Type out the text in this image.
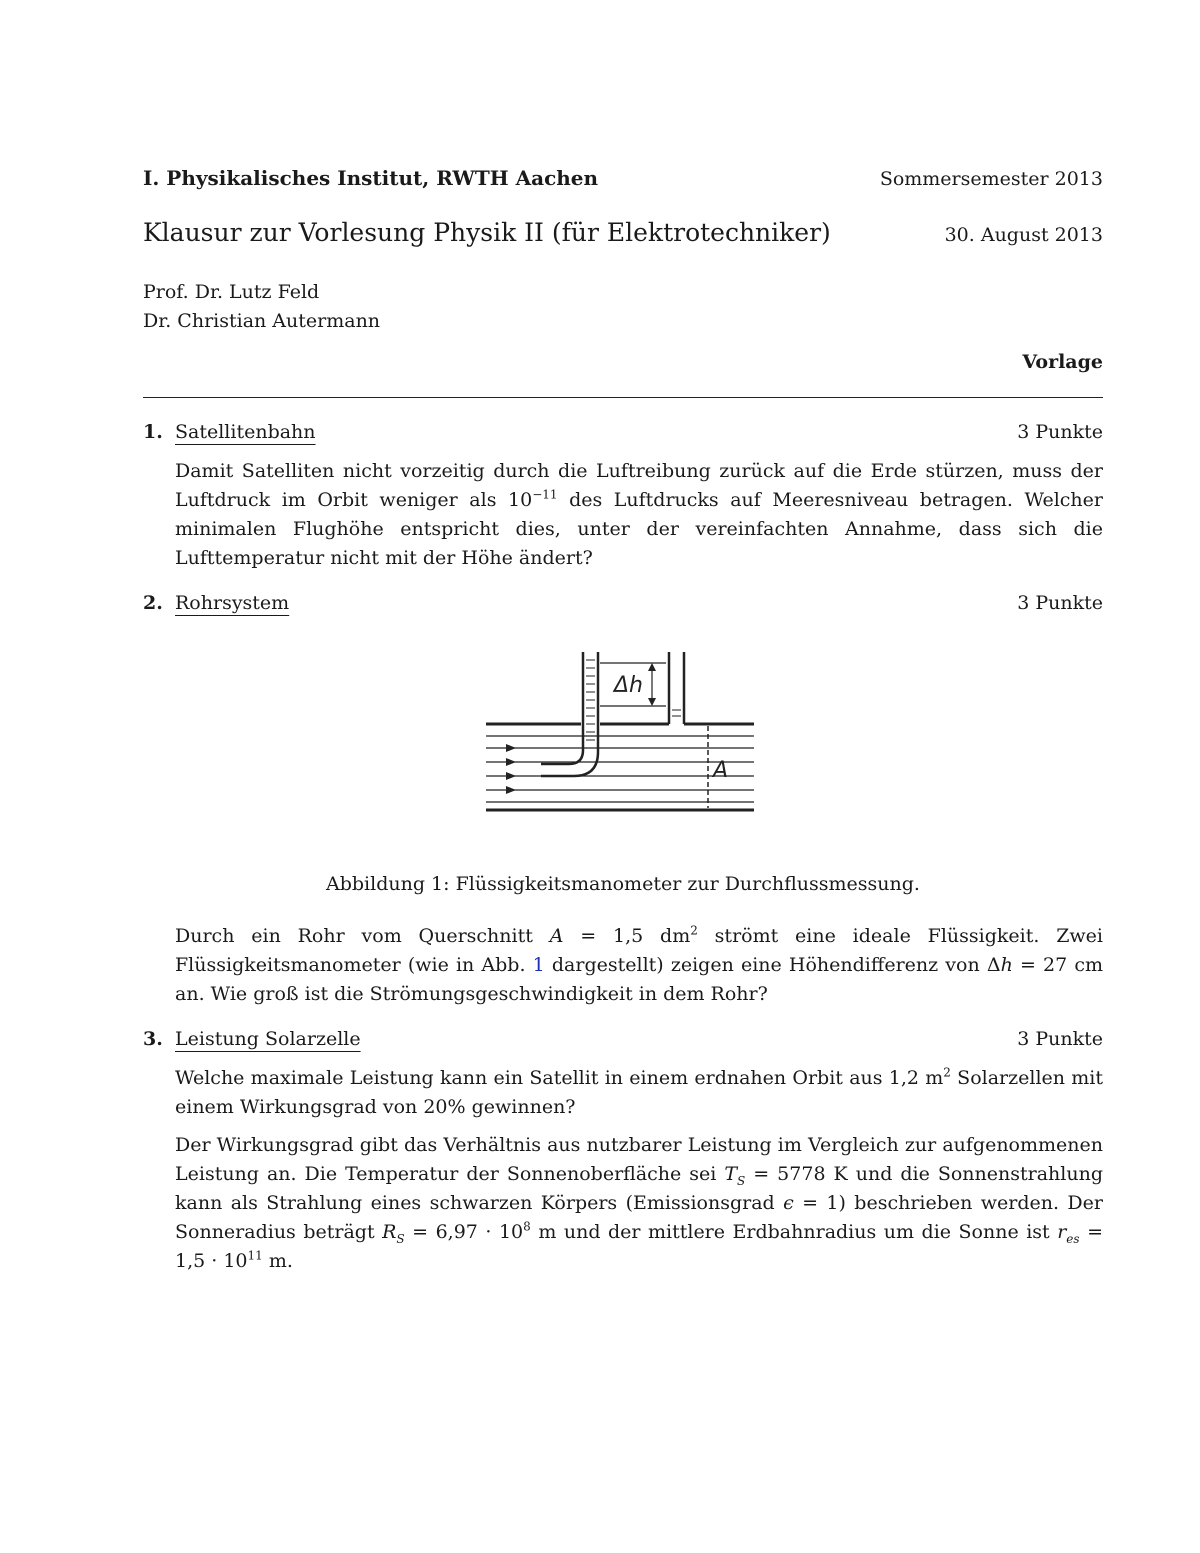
I. Physikalisches Institut, RWTH Aachen	Sommersemester 2013
Klausur zur Vorlesung Physik II (für Elektrotechniker)	30. August 2013
Prof. Dr. Lutz Feld
Dr. Christian Autermann
Vorlage
1. Satellitenbahn	3 Punkte
Damit Satelliten nicht vorzeitig durch die Luftreibung zurück auf die Erde stürzen, muss der Luftdruck im Orbit weniger als $10^{-11}$ des Luftdrucks auf Meeresniveau betragen. Welcher minimalen Flughöhe entspricht dies, unter der vereinfachten Annahme, dass sich die Lufttemperatur nicht mit der Höhe ändert?
2. Rohrsystem	3 Punkte
Δh
A
Abbildung 1: Flüssigkeitsmanometer zur Durchflussmessung.
Durch ein Rohr vom Querschnitt A = 1,5 $dm^2$ strömt eine ideale Flüssigkeit. Zwei Flüssigkeitsmanometer (wie in Abb. 1 dargestellt) zeigen eine Höhendifferenz von Δh = 27 cm an. Wie groß ist die Strömungsgeschwindigkeit in dem Rohr?
3. Leistung Solarzelle	3 Punkte
Welche maximale Leistung kann ein Satellit in einem erdnahen Orbit aus 1,2 $m^2$ Solarzellen mit einem Wirkungsgrad von 20% gewinnen?
Der Wirkungsgrad gibt das Verhältnis aus nutzbarer Leistung im Vergleich zur aufgenommenen Leistung an. Die Temperatur der Sonnenoberfläche sei $T_S = 5778$ K und die Sonnenstrahlung kann als Strahlung eines schwarzen Körpers (Emissionsgrad ϵ = 1) beschrieben werden. Der Sonneradius beträgt $R_S = 6,97 \cdot 10^8$ m und der mittlere Erdbahnradius um die Sonne ist $r_{es} = 1,5 \cdot 10^{11}$ m.
